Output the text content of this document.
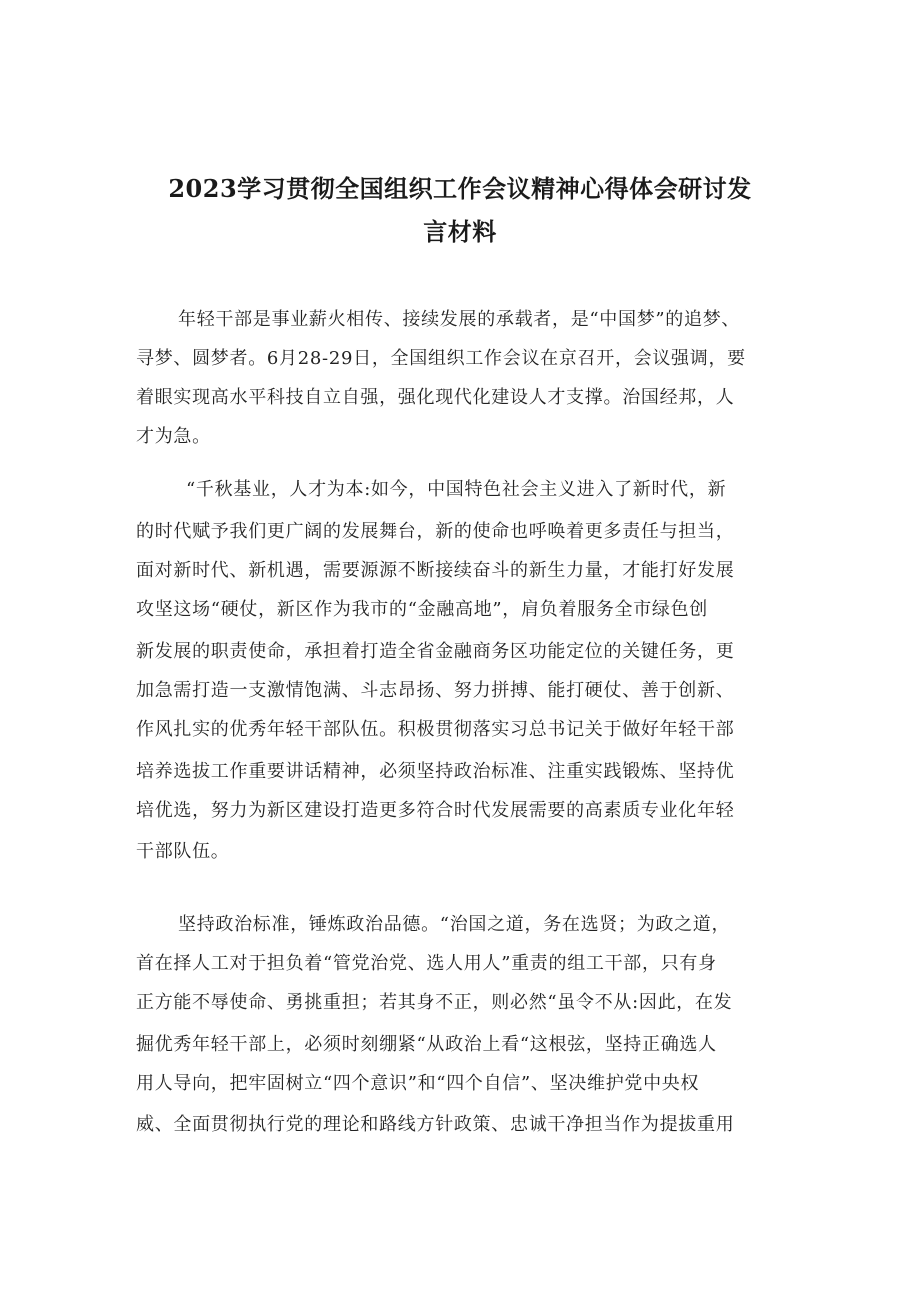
2023学习贯彻全国组织工作会议精神心得体会研讨发
言材料
年轻干部是事业薪火相传、接续发展的承载者，是“中国梦”的追梦、
寻梦、圆梦者。6月28-29日，全国组织工作会议在京召开，会议强调，要
着眼实现高水平科技自立自强，强化现代化建设人才支撑。治国经邦，人
才为急。
“千秋基业，人才为本:如今，中国特色社会主义进入了新时代，新
的时代赋予我们更广阔的发展舞台，新的使命也呼唤着更多责任与担当，
面对新时代、新机遇，需要源源不断接续奋斗的新生力量，才能打好发展
攻坚这场“硬仗，新区作为我市的“金融高地”，肩负着服务全市绿色创
新发展的职责使命，承担着打造全省金融商务区功能定位的关键任务，更
加急需打造一支激情饱满、斗志昂扬、努力拼搏、能打硬仗、善于创新、
作风扎实的优秀年轻干部队伍。积极贯彻落实习总书记关于做好年轻干部
培养选拔工作重要讲话精神，必须坚持政治标准、注重实践锻炼、坚持优
培优选，努力为新区建设打造更多符合时代发展需要的高素质专业化年轻
干部队伍。
坚持政治标准，锤炼政治品德。“治国之道，务在选贤；为政之道，
首在择人工对于担负着“管党治党、选人用人”重责的组工干部，只有身
正方能不辱使命、勇挑重担；若其身不正，则必然“虽令不从:因此，在发
掘优秀年轻干部上，必须时刻绷紧“从政治上看“这根弦，坚持正确选人
用人导向，把牢固树立“四个意识”和“四个自信”、坚决维护党中央权
威、全面贯彻执行党的理论和路线方针政策、忠诚干净担当作为提拔重用
